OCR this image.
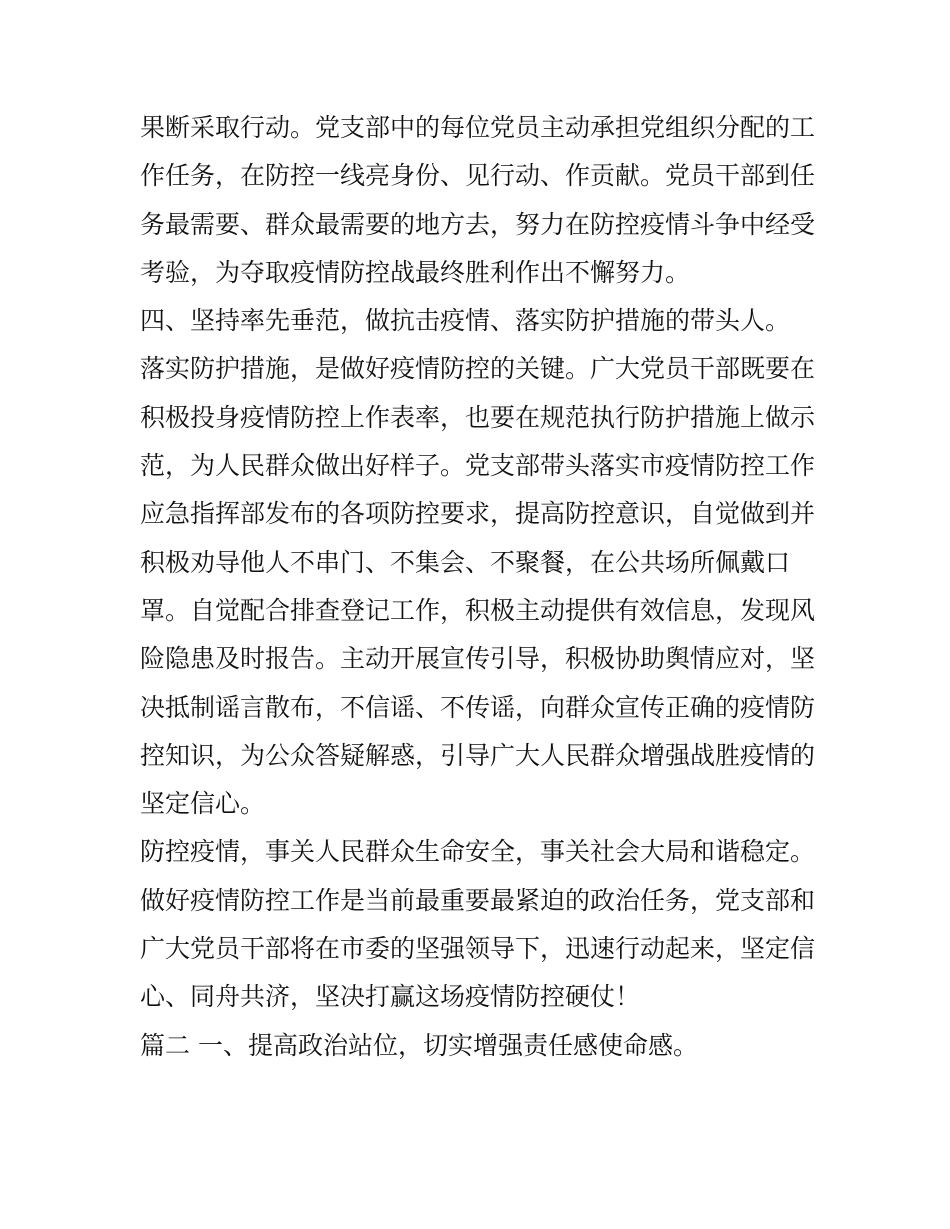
果断采取行动。党支部中的每位党员主动承担党组织分配的工
作任务，在防控一线亮身份、见行动、作贡献。党员干部到任
务最需要、群众最需要的地方去，努力在防控疫情斗争中经受
考验，为夺取疫情防控战最终胜利作出不懈努力。
四、坚持率先垂范，做抗击疫情、落实防护措施的带头人。
落实防护措施，是做好疫情防控的关键。广大党员干部既要在
积极投身疫情防控上作表率，也要在规范执行防护措施上做示
范，为人民群众做出好样子。党支部带头落实市疫情防控工作
应急指挥部发布的各项防控要求，提高防控意识，自觉做到并
积极劝导他人不串门、不集会、不聚餐，在公共场所佩戴口
罩。自觉配合排查登记工作，积极主动提供有效信息，发现风
险隐患及时报告。主动开展宣传引导，积极协助舆情应对，坚
决抵制谣言散布，不信谣、不传谣，向群众宣传正确的疫情防
控知识，为公众答疑解惑，引导广大人民群众增强战胜疫情的
坚定信心。
防控疫情，事关人民群众生命安全，事关社会大局和谐稳定。
做好疫情防控工作是当前最重要最紧迫的政治任务，党支部和
广大党员干部将在市委的坚强领导下，迅速行动起来，坚定信
心、同舟共济，坚决打赢这场疫情防控硬仗！
篇二 一、提高政治站位，切实增强责任感使命感。
